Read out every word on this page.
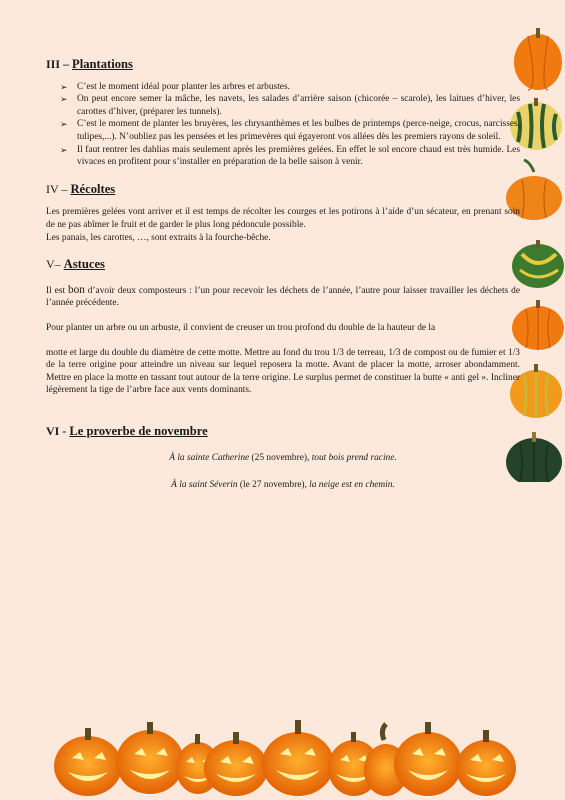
III – Plantations
➢ C’est le moment idéal pour planter les arbres et arbustes.
➢ On peut encore semer la mâche, les navets, les salades d’arrière saison (chicorée – scarole), les laitues d’hiver, les carottes d’hiver, (préparer les tunnels).
➢ C’est le moment de planter les bruyères, les chrysanthèmes et les bulbes de printemps (perce-neige, crocus, narcisses, tulipes,...). N’oubliez pas les pensées et les primevères qui égayeront vos allées dès les premiers rayons de soleil.
➢ Il faut rentrer les dahlias mais seulement après les premières gelées. En effet le sol encore chaud est très humide. Les vivaces en profitent pour s’installer en préparation de la belle saison à venir.
IV – Récoltes

Les premières gelées vont arriver et il est temps de récolter les courges et les potirons à l’aide d’un sécateur, en prenant soin de ne pas abîmer le fruit et de garder le plus long pédoncule possible.

Les panais, les carottes, …, sont extraits à la fourche-bêche.

V– Astuces

Il est bon d’avoir deux composteurs : l’un pour recevoir les déchets de l’année, l’autre pour laisser travailler les déchets de l’année précédente.

Pour planter un arbre ou un arbuste, il convient de creuser un trou profond du double de la hauteur de la

motte et large du double du diamètre de cette motte. Mettre au fond du trou 1/3 de terreau, 1/3 de compost ou de fumier et 1/3 de la terre origine pour atteindre un niveau sur lequel reposera la motte. Avant de placer la motte, arroser abondamment. Mettre en place la motte en tassant tout autour de la terre origine. Le surplus permet de constituer la butte « anti gel ». Incliner légèrement la tige de l’arbre face aux vents dominants.

VI - Le proverbe de novembre

À la sainte Catherine (25 novembre), tout bois prend racine.

À la saint Séverin (le 27 novembre), la neige est en chemin.
